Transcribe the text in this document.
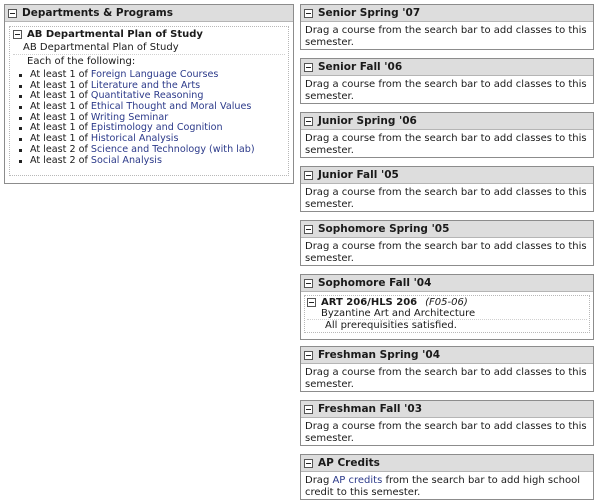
Departments & Programs
AB Departmental Plan of Study
AB Departmental Plan of Study
Each of the following:
At least 1 of Foreign Language Courses
At least 1 of Literature and the Arts
At least 1 of Quantitative Reasoning
At least 1 of Ethical Thought and Moral Values
At least 1 of Writing Seminar
At least 1 of Epistimology and Cognition
At least 1 of Historical Analysis
At least 2 of Science and Technology (with lab)
At least 2 of Social Analysis
Senior Spring '07
Drag a course from the search bar to add classes to this semester.
Senior Fall '06
Drag a course from the search bar to add classes to this semester.
Junior Spring '06
Drag a course from the search bar to add classes to this semester.
Junior Fall '05
Drag a course from the search bar to add classes to this semester.
Sophomore Spring '05
Drag a course from the search bar to add classes to this semester.
Sophomore Fall '04
ART 206/HLS 206 (F05-06)
Byzantine Art and Architecture
All prerequisities satisfied.
Freshman Spring '04
Drag a course from the search bar to add classes to this semester.
Freshman Fall '03
Drag a course from the search bar to add classes to this semester.
AP Credits
Drag AP credits from the search bar to add high school credit to this semester.
